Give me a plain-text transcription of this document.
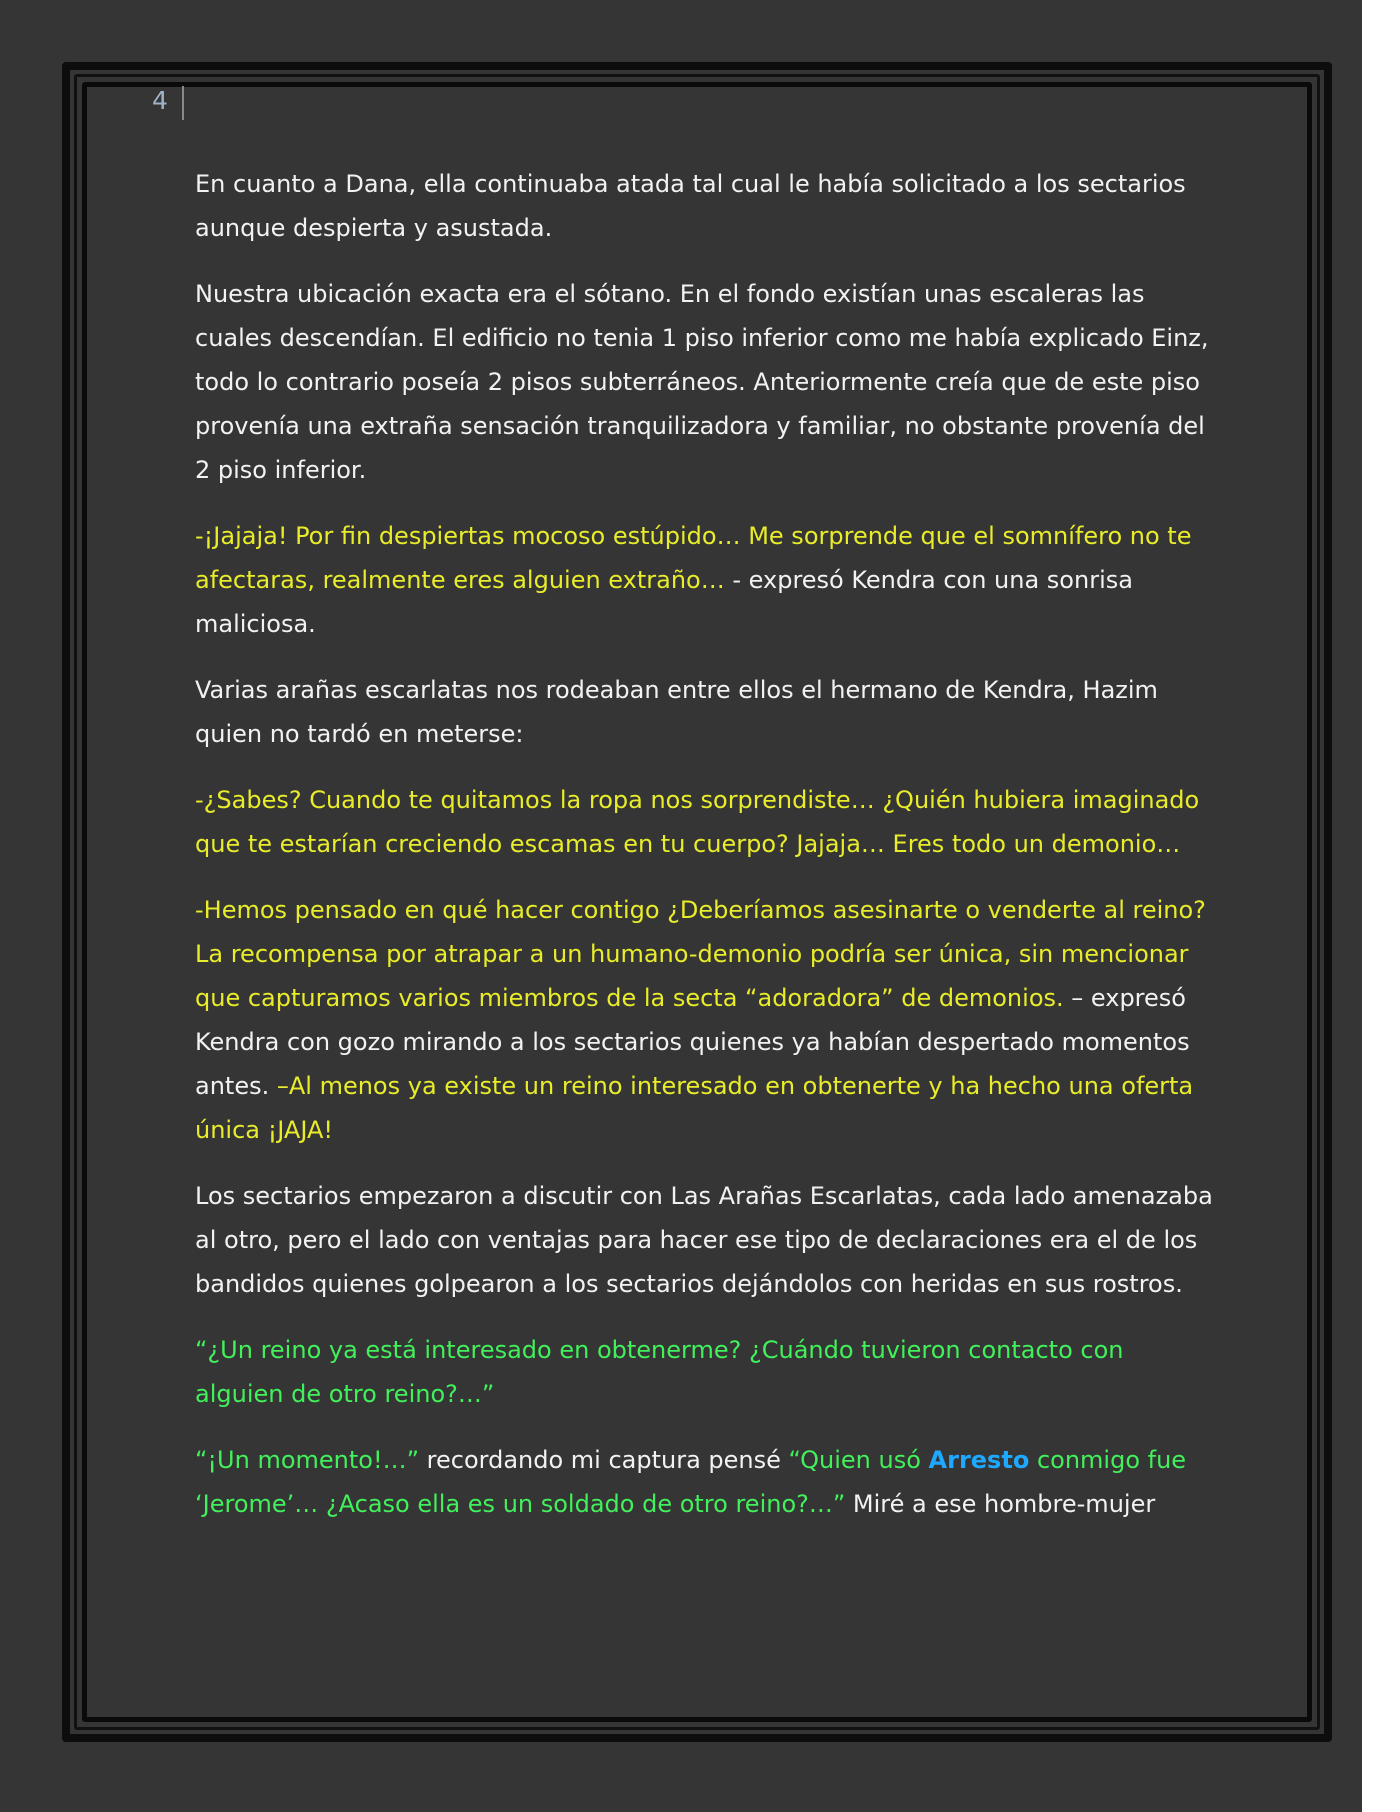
4

En cuanto a Dana, ella continuaba atada tal cual le había solicitado a los sectarios aunque despierta y asustada.

Nuestra ubicación exacta era el sótano. En el fondo existían unas escaleras las cuales descendían. El edificio no tenia 1 piso inferior como me había explicado Einz, todo lo contrario poseía 2 pisos subterráneos. Anteriormente creía que de este piso provenía una extraña sensación tranquilizadora y familiar, no obstante provenía del 2 piso inferior.

-¡Jajaja! Por fin despiertas mocoso estúpido… Me sorprende que el somnífero no te afectaras, realmente eres alguien extraño… - expresó Kendra con una sonrisa maliciosa.

Varias arañas escarlatas nos rodeaban entre ellos el hermano de Kendra, Hazim quien no tardó en meterse:

-¿Sabes? Cuando te quitamos la ropa nos sorprendiste… ¿Quién hubiera imaginado que te estarían creciendo escamas en tu cuerpo? Jajaja… Eres todo un demonio…

-Hemos pensado en qué hacer contigo ¿Deberíamos asesinarte o venderte al reino? La recompensa por atrapar a un humano-demonio podría ser única, sin mencionar que capturamos varios miembros de la secta “adoradora” de demonios. – expresó Kendra con gozo mirando a los sectarios quienes ya habían despertado momentos antes. –Al menos ya existe un reino interesado en obtenerte y ha hecho una oferta única ¡JAJA!

Los sectarios empezaron a discutir con Las Arañas Escarlatas, cada lado amenazaba al otro, pero el lado con ventajas para hacer ese tipo de declaraciones era el de los bandidos quienes golpearon a los sectarios dejándolos con heridas en sus rostros.

“¿Un reino ya está interesado en obtenerme? ¿Cuándo tuvieron contacto con alguien de otro reino?…”

“¡Un momento!…” recordando mi captura pensé “Quien usó Arresto conmigo fue ‘Jerome’… ¿Acaso ella es un soldado de otro reino?…” Miré a ese hombre-mujer
